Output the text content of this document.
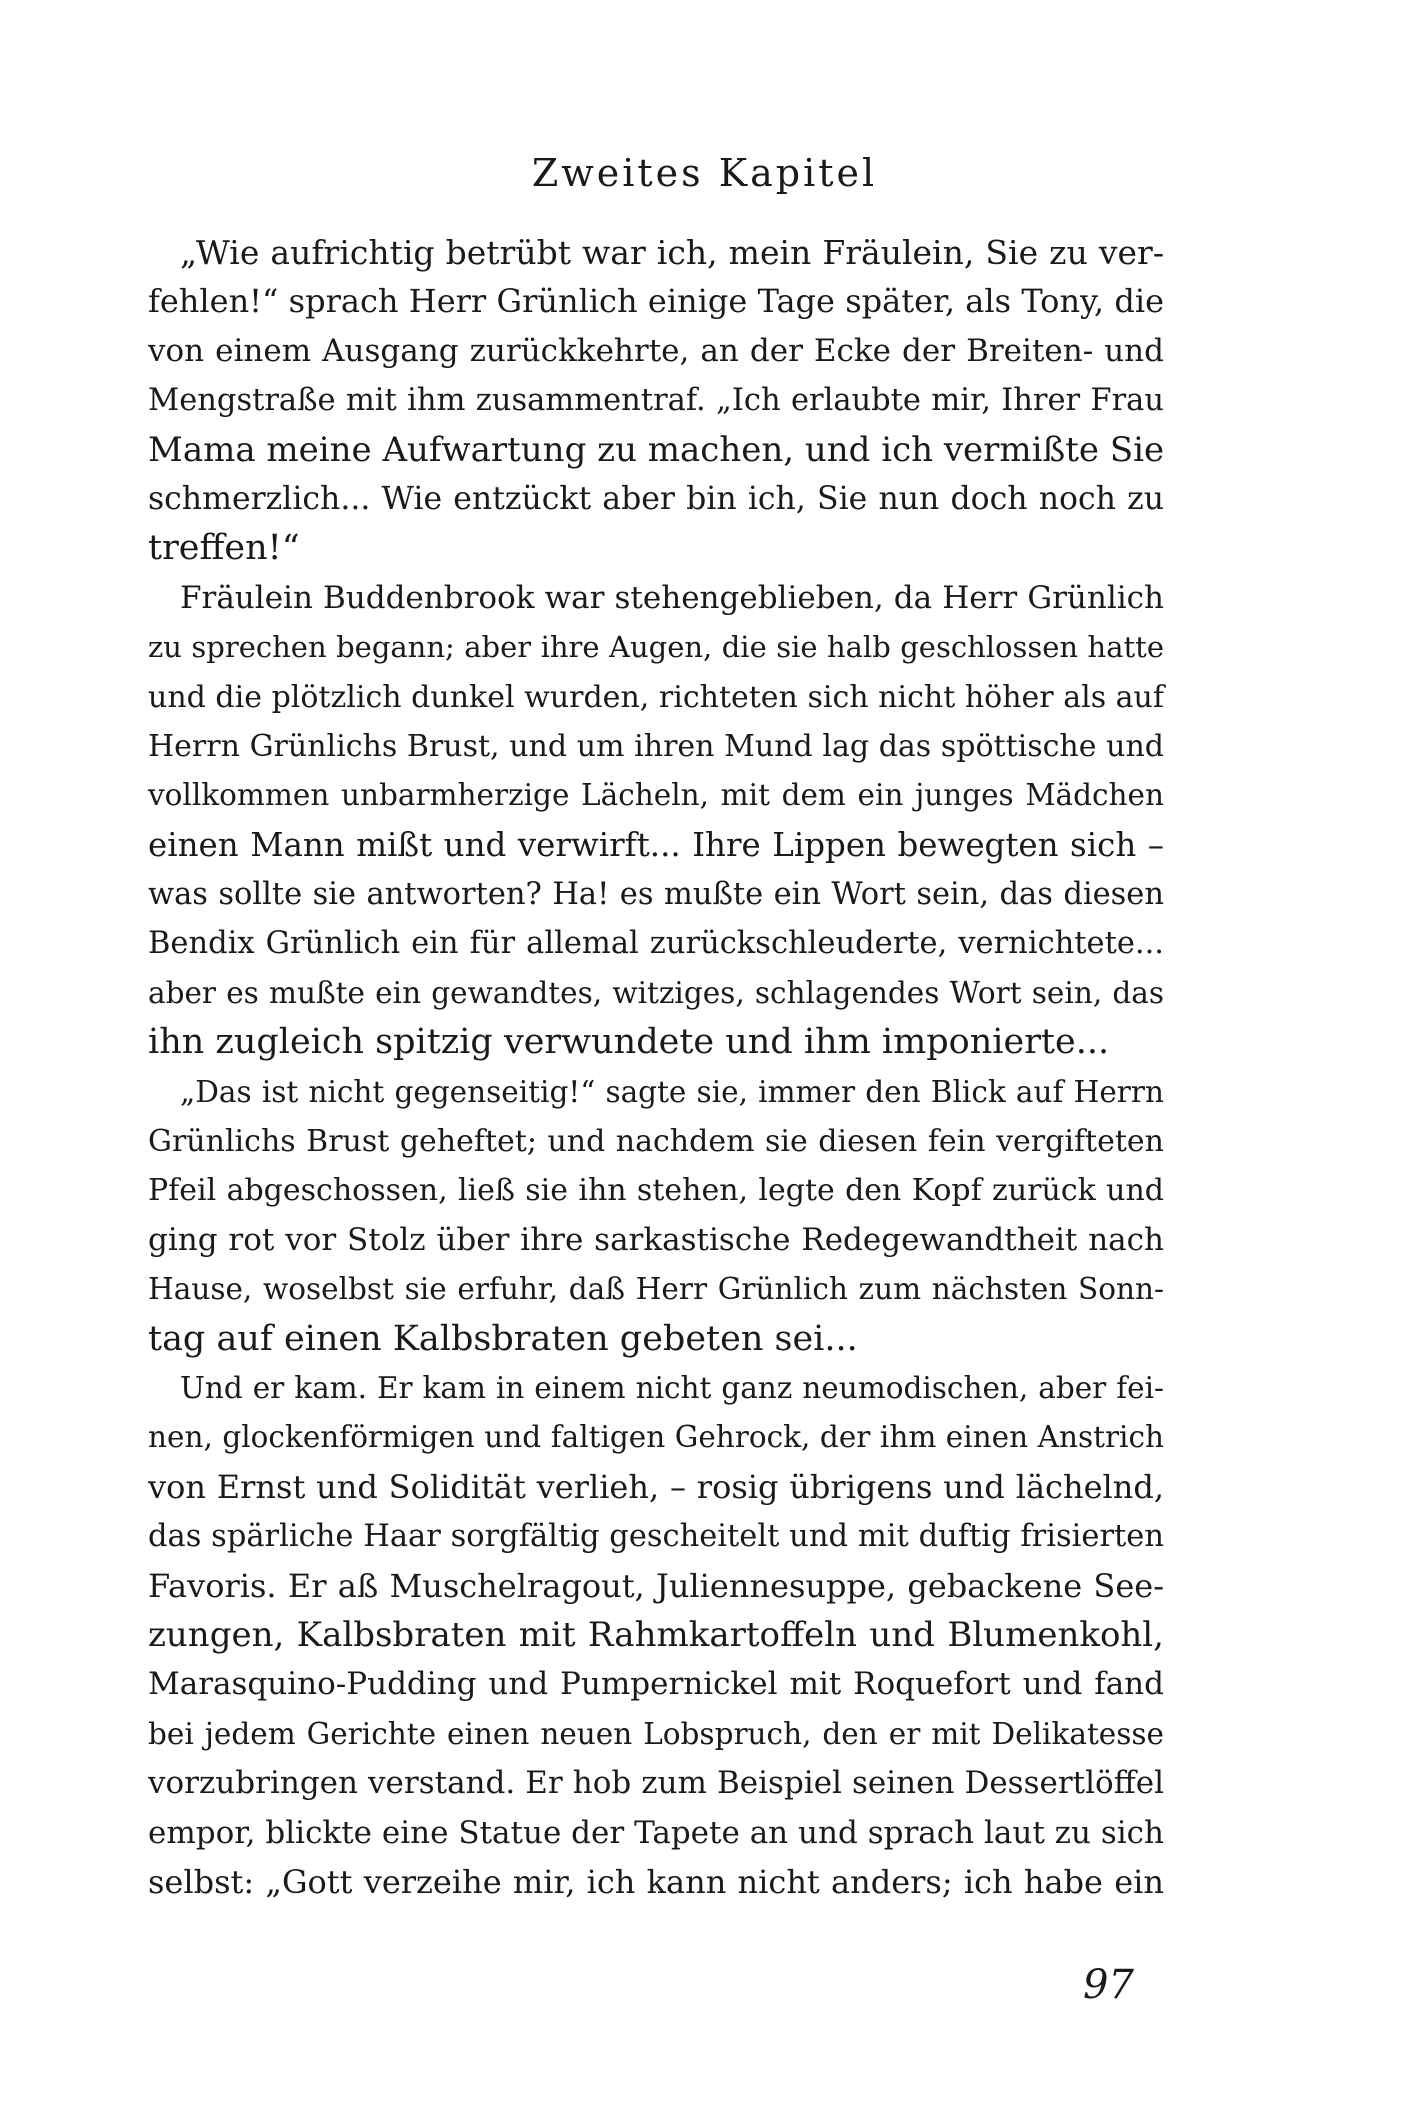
Zweites Kapitel
„Wie aufrichtig betrübt war ich, mein Fräulein, Sie zu ver-
fehlen!“ sprach Herr Grünlich einige Tage später, als Tony, die
von einem Ausgang zurückkehrte, an der Ecke der Breiten- und
Mengstraße mit ihm zusammentraf. „Ich erlaubte mir, Ihrer Frau
Mama meine Aufwartung zu machen, und ich vermißte Sie
schmerzlich... Wie entzückt aber bin ich, Sie nun doch noch zu
treffen!“
Fräulein Buddenbrook war stehengeblieben, da Herr Grünlich
zu sprechen begann; aber ihre Augen, die sie halb geschlossen hatte
und die plötzlich dunkel wurden, richteten sich nicht höher als auf
Herrn Grünlichs Brust, und um ihren Mund lag das spöttische und
vollkommen unbarmherzige Lächeln, mit dem ein junges Mädchen
einen Mann mißt und verwirft... Ihre Lippen bewegten sich –
was sollte sie antworten? Ha! es mußte ein Wort sein, das diesen
Bendix Grünlich ein für allemal zurückschleuderte, vernichtete...
aber es mußte ein gewandtes, witziges, schlagendes Wort sein, das
ihn zugleich spitzig verwundete und ihm imponierte...
„Das ist nicht gegenseitig!“ sagte sie, immer den Blick auf Herrn
Grünlichs Brust geheftet; und nachdem sie diesen fein vergifteten
Pfeil abgeschossen, ließ sie ihn stehen, legte den Kopf zurück und
ging rot vor Stolz über ihre sarkastische Redegewandtheit nach
Hause, woselbst sie erfuhr, daß Herr Grünlich zum nächsten Sonn-
tag auf einen Kalbsbraten gebeten sei...
Und er kam. Er kam in einem nicht ganz neumodischen, aber fei-
nen, glockenförmigen und faltigen Gehrock, der ihm einen Anstrich
von Ernst und Solidität verlieh, – rosig übrigens und lächelnd,
das spärliche Haar sorgfältig gescheitelt und mit duftig frisierten
Favoris. Er aß Muschelragout, Juliennesuppe, gebackene See-
zungen, Kalbsbraten mit Rahmkartoffeln und Blumenkohl,
Marasquino-Pudding und Pumpernickel mit Roquefort und fand
bei jedem Gerichte einen neuen Lobspruch, den er mit Delikatesse
vorzubringen verstand. Er hob zum Beispiel seinen Dessertlöffel
empor, blickte eine Statue der Tapete an und sprach laut zu sich
selbst: „Gott verzeihe mir, ich kann nicht anders; ich habe ein
97
